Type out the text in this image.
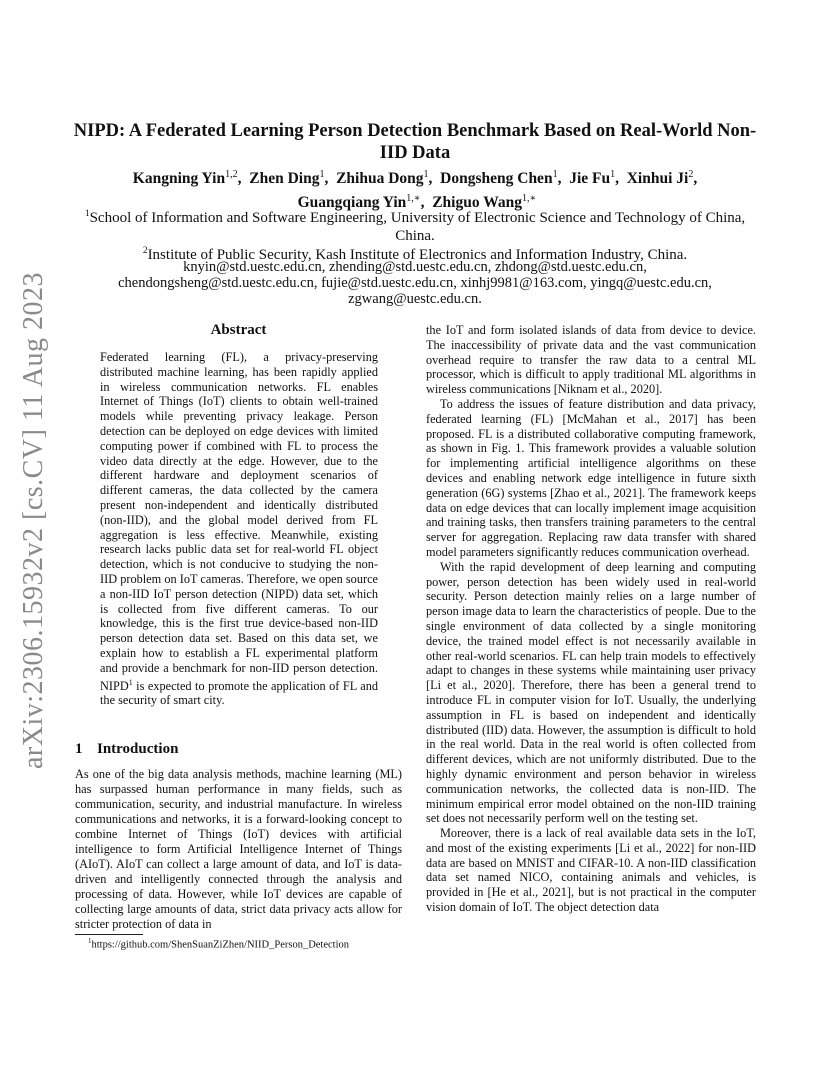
arXiv:2306.15932v2 [cs.CV] 11 Aug 2023
NIPD: A Federated Learning Person Detection Benchmark Based on Real-World Non-IID Data
Kangning Yin$^{1,2}$,  Zhen Ding$^1$,  Zhihua Dong$^1$,  Dongsheng Chen$^1$,  Jie Fu$^1$,  Xinhui Ji$^2$,  Guangqiang Yin$^{1,∗}$,  Zhiguo Wang$^{1,∗}$

$^1$School of Information and Software Engineering, University of Electronic Science and Technology of China, China.

$^2$Institute of Public Security, Kash Institute of Electronics and Information Industry, China.

knyin@std.uestc.edu.cn, zhending@std.uestc.edu.cn, zhdong@std.uestc.edu.cn,
chendongsheng@std.uestc.edu.cn, fujie@std.uestc.edu.cn, xinhj9981@163.com, yingq@uestc.edu.cn,
zgwang@uestc.edu.cn.
Abstract

Federated learning (FL), a privacy-preserving distributed machine learning, has been rapidly applied in wireless communication networks. FL enables Internet of Things (IoT) clients to obtain well-trained models while preventing privacy leakage. Person detection can be deployed on edge devices with limited computing power if combined with FL to process the video data directly at the edge. However, due to the different hardware and deployment scenarios of different cameras, the data collected by the camera present non-independent and identically distributed (non-IID), and the global model derived from FL aggregation is less effective. Meanwhile, existing research lacks public data set for real-world FL object detection, which is not conducive to studying the non-IID problem on IoT cameras. Therefore, we open source a non-IID IoT person detection (NIPD) data set, which is collected from five different cameras. To our knowledge, this is the first true device-based non-IID person detection data set. Based on this data set, we explain how to establish a FL experimental platform and provide a benchmark for non-IID person detection. NIPD$^1$ is expected to promote the application of FL and the security of smart city.

1 Introduction

As one of the big data analysis methods, machine learning (ML) has surpassed human performance in many fields, such as communication, security, and industrial manufacture. In wireless communications and networks, it is a forward-looking concept to combine Internet of Things (IoT) devices with artificial intelligence to form Artificial Intelligence Internet of Things (AIoT). AIoT can collect a large amount of data, and IoT is data-driven and intelligently connected through the analysis and processing of data. However, while IoT devices are capable of collecting large amounts of data, strict data privacy acts allow for stricter protection of data in

$^1$https://github.com/ShenSuanZiZhen/NIID_Person_Detection

the IoT and form isolated islands of data from device to device. The inaccessibility of private data and the vast communication overhead require to transfer the raw data to a central ML processor, which is difficult to apply traditional ML algorithms in wireless communications [Niknam et al., 2020].

To address the issues of feature distribution and data privacy, federated learning (FL) [McMahan et al., 2017] has been proposed. FL is a distributed collaborative computing framework, as shown in Fig. 1. This framework provides a valuable solution for implementing artificial intelligence algorithms on these devices and enabling network edge intelligence in future sixth generation (6G) systems [Zhao et al., 2021]. The framework keeps data on edge devices that can locally implement image acquisition and training tasks, then transfers training parameters to the central server for aggregation. Replacing raw data transfer with shared model parameters significantly reduces communication overhead.

With the rapid development of deep learning and computing power, person detection has been widely used in real-world security. Person detection mainly relies on a large number of person image data to learn the characteristics of people. Due to the single environment of data collected by a single monitoring device, the trained model effect is not necessarily available in other real-world scenarios. FL can help train models to effectively adapt to changes in these systems while maintaining user privacy [Li et al., 2020]. Therefore, there has been a general trend to introduce FL in computer vision for IoT. Usually, the underlying assumption in FL is based on independent and identically distributed (IID) data. However, the assumption is difficult to hold in the real world. Data in the real world is often collected from different devices, which are not uniformly distributed. Due to the highly dynamic environment and person behavior in wireless communication networks, the collected data is non-IID. The minimum empirical error model obtained on the non-IID training set does not necessarily perform well on the testing set.

Moreover, there is a lack of real available data sets in the IoT, and most of the existing experiments [Li et al., 2022] for non-IID data are based on MNIST and CIFAR-10. A non-IID classification data set named NICO, containing animals and vehicles, is provided in [He et al., 2021], but is not practical in the computer vision domain of IoT. The object detection data
